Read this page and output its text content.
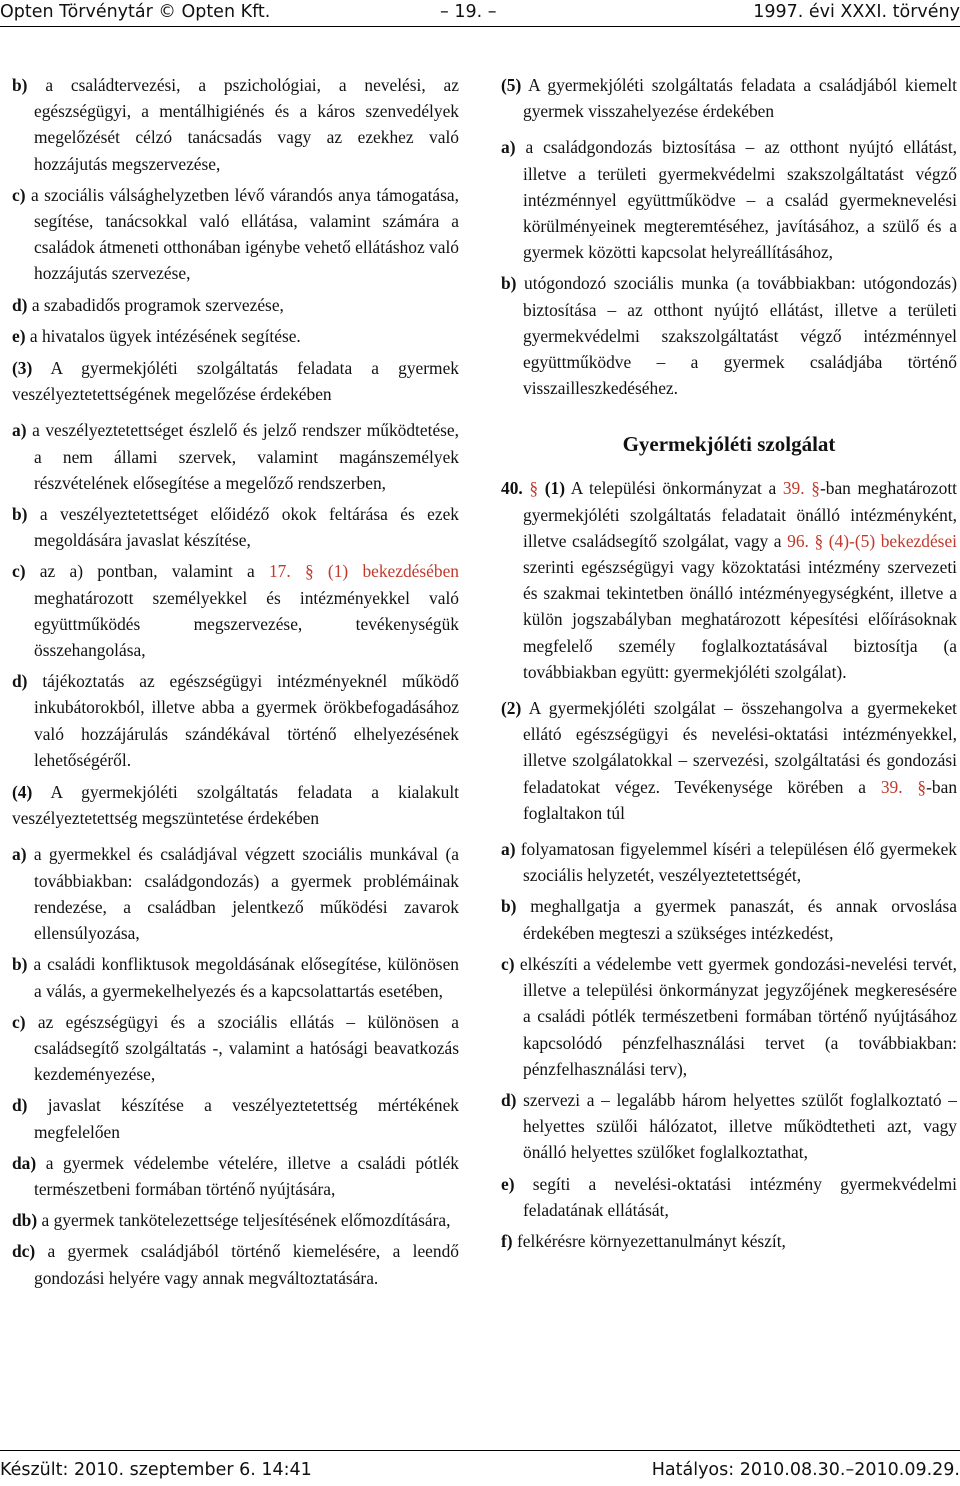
Opten Törvénytár © Opten Kft.	– 19. –	1997. évi XXXI. törvény

b) a családtervezési, a pszichológiai, a nevelési, az egészségügyi, a mentálhigiénés és a káros szenvedélyek megelőzését célzó tanácsadás vagy az ezekhez való hozzájutás megszervezése,

c) a szociális válsághelyzetben lévő várandós anya támogatása, segítése, tanácsokkal való ellátása, valamint számára a családok átmeneti otthonában igénybe vehető ellátáshoz való hozzájutás szervezése,

d) a szabadidős programok szervezése,

e) a hivatalos ügyek intézésének segítése.

(3) A gyermekjóléti szolgáltatás feladata a gyermek veszélyeztetettségének megelőzése érdekében

a) a veszélyeztetettséget észlelő és jelző rendszer működtetése, a nem állami szervek, valamint magánszemélyek részvételének elősegítése a megelőző rendszerben,

b) a veszélyeztetettséget előidéző okok feltárása és ezek megoldására javaslat készítése,

c) az a) pontban, valamint a 17. § (1) bekezdésében meghatározott személyekkel és intézményekkel való együttműködés megszervezése, tevékenységük összehangolása,

d) tájékoztatás az egészségügyi intézményeknél működő inkubátorokból, illetve abba a gyermek örökbefogadásához való hozzájárulás szándékával történő elhelyezésének lehetőségéről.

(4) A gyermekjóléti szolgáltatás feladata a kialakult veszélyeztetettség megszüntetése érdekében

a) a gyermekkel és családjával végzett szociális munkával (a továbbiakban: családgondozás) a gyermek problémáinak rendezése, a családban jelentkező működési zavarok ellensúlyozása,

b) a családi konfliktusok megoldásának elősegítése, különösen a válás, a gyermekelhelyezés és a kapcsolattartás esetében,

c) az egészségügyi és a szociális ellátás – különösen a családsegítő szolgáltatás -, valamint a hatósági beavatkozás kezdeményezése,

d) javaslat készítése a veszélyeztetettség mértékének megfelelően

da) a gyermek védelembe vételére, illetve a családi pótlék természetbeni formában történő nyújtására,

db) a gyermek tankötelezettsége teljesítésének előmozdítására,

dc) a gyermek családjából történő kiemelésére, a leendő gondozási helyére vagy annak megváltoztatására.

(5) A gyermekjóléti szolgáltatás feladata a családjából kiemelt gyermek visszahelyezése érdekében

a) a családgondozás biztosítása – az otthont nyújtó ellátást, illetve a területi gyermekvédelmi szakszolgáltatást végző intézménnyel együttműködve – a család gyermeknevelési körülményeinek megteremtéséhez, javításához, a szülő és a gyermek közötti kapcsolat helyreállításához,

b) utógondozó szociális munka (a továbbiakban: utógondozás) biztosítása – az otthont nyújtó ellátást, illetve a területi gyermekvédelmi szakszolgáltatást végző intézménnyel együttműködve – a gyermek családjába történő visszailleszkedéséhez.

Gyermekjóléti szolgálat

40. § (1) A települési önkormányzat a 39. §-ban meghatározott gyermekjóléti szolgáltatás feladatait önálló intézményként, illetve családsegítő szolgálat, vagy a 96. § (4)-(5) bekezdései szerinti egészségügyi vagy közoktatási intézmény szervezeti és szakmai tekintetben önálló intézményegységként, illetve a külön jogszabályban meghatározott képesítési előírásoknak megfelelő személy foglalkoztatásával biztosítja (a továbbiakban együtt: gyermekjóléti szolgálat).

(2) A gyermekjóléti szolgálat – összehangolva a gyermekeket ellátó egészségügyi és nevelési-oktatási intézményekkel, illetve szolgálatokkal – szervezési, szolgáltatási és gondozási feladatokat végez. Tevékenysége körében a 39. §-ban foglaltakon túl

a) folyamatosan figyelemmel kíséri a településen élő gyermekek szociális helyzetét, veszélyeztetettségét,

b) meghallgatja a gyermek panaszát, és annak orvoslása érdekében megteszi a szükséges intézkedést,

c) elkészíti a védelembe vett gyermek gondozási-nevelési tervét, illetve a települési önkormányzat jegyzőjének megkeresésére a családi pótlék természetbeni formában történő nyújtásához kapcsolódó pénzfelhasználási tervet (a továbbiakban: pénzfelhasználási terv),

d) szervezi a – legalább három helyettes szülőt foglalkoztató – helyettes szülői hálózatot, illetve működtetheti azt, vagy önálló helyettes szülőket foglalkoztathat,

e) segíti a nevelési-oktatási intézmény gyermekvédelmi feladatának ellátását,

f) felkérésre környezettanulmányt készít,

Készült: 2010. szeptember 6. 14:41	Hatályos: 2010.08.30.–2010.09.29.
